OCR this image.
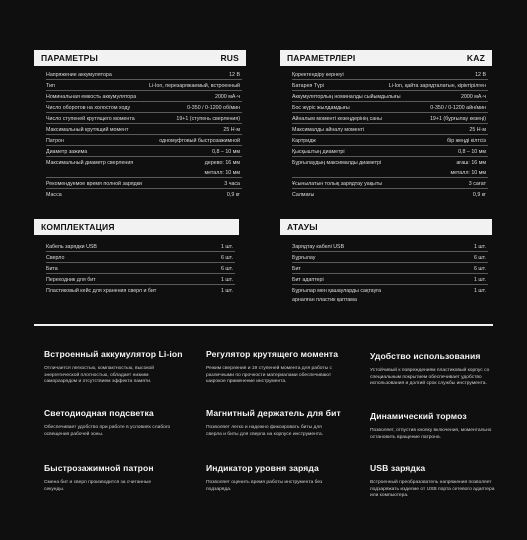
ПАРАМЕТРЫ	RUS
Напряжение аккумулятора	12 В
Тип	Li-Ion, перезаряжаемый, встроенный
Номинальная емкость аккумулятора	2000 мА·ч
Число оборотов на холостом ходу	0-350 / 0-1200 об/мин
Число ступеней крутящего момента	19+1 (ступень сверления)
Максимальный крутящий момент	25 Н·м
Патрон	одномуфтовый быстрозажимной
Диаметр зажима	0,8 – 10 мм
Максимальный диаметр сверления	дерево: 16 мм
металл: 10 мм
Рекомендуемое время полной зарядки	3 часа
Масса	0,9 кг
ПАРАМЕТРЛЕРІ	KAZ
Қоректендіру кернеуі	12 В
Батарея Түрі	Li-Ion, қайта зарядталатын, кіріктірілген
Аккумуляторлың номиналды сыйымдылығы	2000 мА·ч
Бос жүріс жылдамдығы	0-350 / 0-1200 айн/мин
Айналым моменті кезеңдерінің саны	19+1 (бұрғылау кезеңі)
Максималды айналу моменті	25 Н·м
Картридж	бір жеңді кілтсіз
Қысқыштың диаметрі	0,8 – 10 мм
Бұрғылаудың максималды диаметрі	ағаш: 16 мм
металл: 10 мм
Ұсынылатын толық зарядтау уақыты	3 сағат
Салмағы	0,9 кг
КОМПЛЕКТАЦИЯ
Кабель зарядки USB	1 шт.
Сверло	6 шт.
Бита	6 шт.
Переходник для бит	1 шт.
Пластиковый кейс для хранения сверл и бит	1 шт.
АТАУЫ
Зарядтау кабелі USB	1 шт.
Бұрғылау	6 шт.
Бит	6 шт.
Бит адаптері	1 шт.
Бұрғылар мен қашауларды сақтауға	1 шт.
арналған пластик қаптама
Встроенный аккумулятор Li-ion
Отличается легкостью, компактностью, высокой энергетической плотностью, обладает низким саморазрядом и отсутствием эффекта памяти.
Регулятор крутящего момента
Режим сверления и 19 ступеней момента для работы с различными по прочности материалами обеспечивают широкое применение инструмента.
Удобство использования
Устойчивый к повреждениям пластиковый корпус со специальным покрытием обеспечивает удобство использования и долгий срок службы инструмента.
Светодиодная подсветка
Обеспечивает удобство при работе в условиях слабого освещения рабочей зоны.
Магнитный держатель для бит
Позволяет легко и надежно фиксировать биты для сверла и биты для сверла на корпусе инструмента.
Динамический тормоз
Позволяет, отпустив кнопку включения, моментально остановить вращение патрона.
Быстрозажимной патрон
Смена бит и сверл производится за считанные секунды.
Индикатор уровня заряда
Позволяет оценить время работы инструмента без подзаряда.
USB зарядка
Встроенный преобразователь напряжения позволяет подзаряжать изделие от USB порта сетевого адаптера или компьютера.
